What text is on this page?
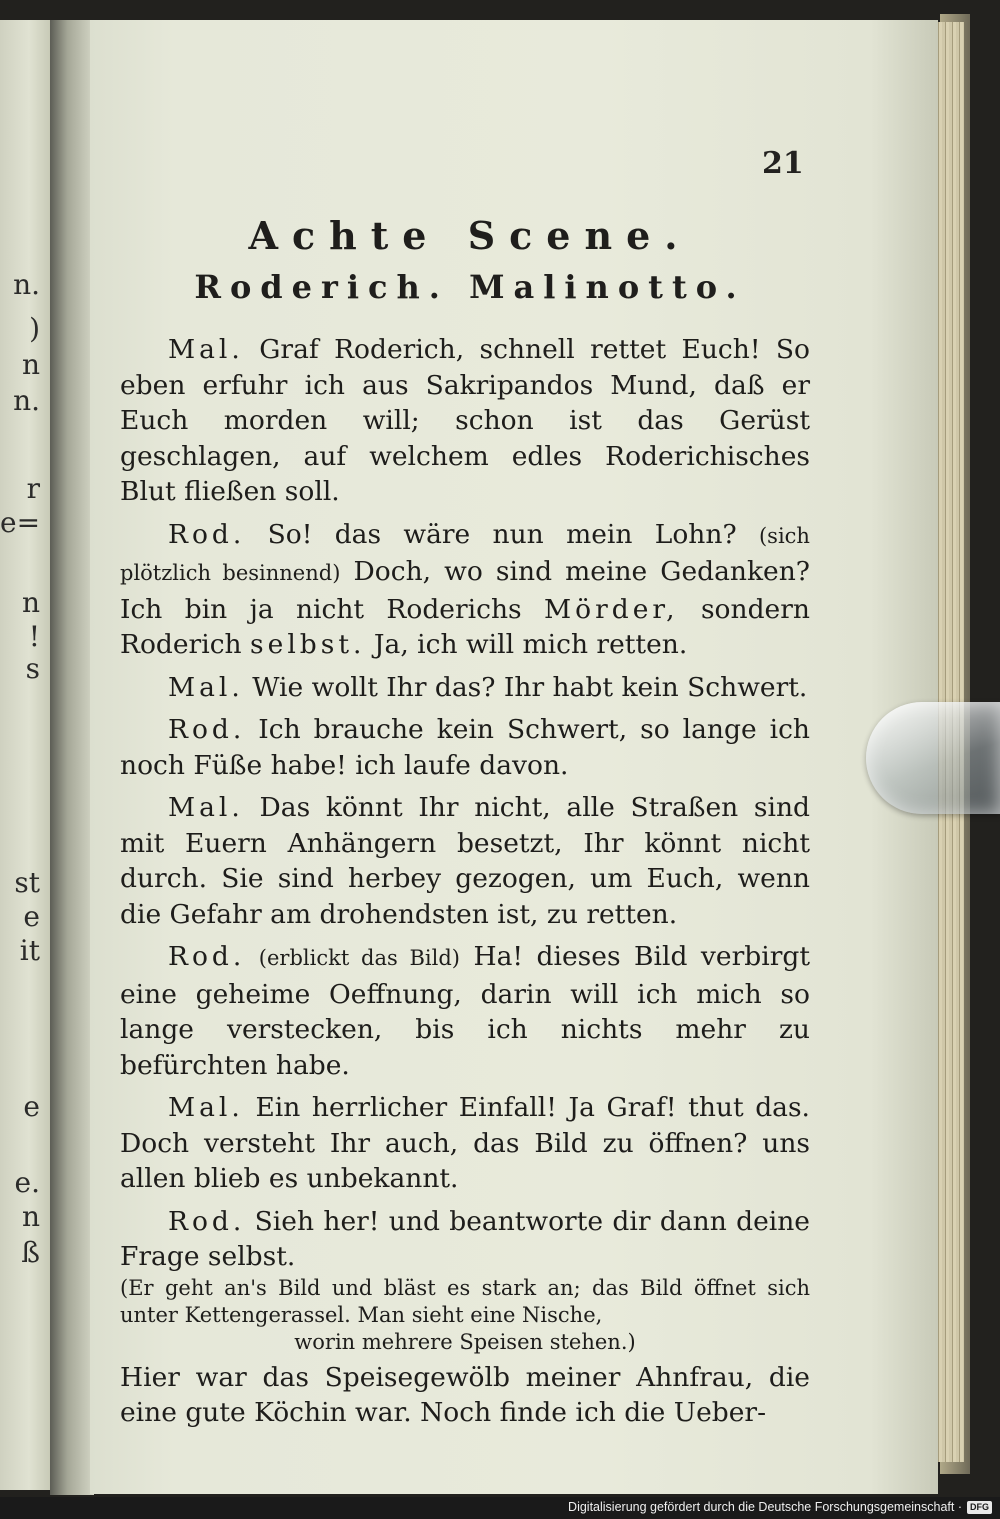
n.
)
n
n.
r
e=
n
!
s
st
e
it
e
e.
n
ß
21
Achte Scene.
Roderich. Malinotto.

Mal. Graf Roderich, schnell rettet Euch! So eben erfuhr ich aus Sakripandos Mund, daß er Euch morden will; schon ist das Gerüst geschlagen, auf welchem edles Roderichisches Blut fließen soll.

Rod. So! das wäre nun mein Lohn? (sich plötzlich besinnend) Doch, wo sind meine Gedanken? Ich bin ja nicht Roderichs Mörder, sondern Roderich selbst. Ja, ich will mich retten.

Mal. Wie wollt Ihr das? Ihr habt kein Schwert.

Rod. Ich brauche kein Schwert, so lange ich noch Füße habe! ich laufe davon.

Mal. Das könnt Ihr nicht, alle Straßen sind mit Euern Anhängern besetzt, Ihr könnt nicht durch. Sie sind herbey gezogen, um Euch, wenn die Gefahr am drohendsten ist, zu retten.

Rod. (erblickt das Bild) Ha! dieses Bild verbirgt eine geheime Oeffnung, darin will ich mich so lange verstecken, bis ich nichts mehr zu befürchten habe.

Mal. Ein herrlicher Einfall! Ja Graf! thut das. Doch versteht Ihr auch, das Bild zu öffnen? uns allen blieb es unbekannt.

Rod. Sieh her! und beantworte dir dann deine Frage selbst.

(Er geht an's Bild und bläst es stark an; das Bild öffnet sich unter Kettengerassel. Man sieht eine Nische,
worin mehrere Speisen stehen.)

Hier war das Speisegewölb meiner Ahnfrau, die eine gute Köchin war. Noch finde ich die Ueber-

Digitalisierung gefördert durch die Deutsche Forschungsgemeinschaft · DFG
